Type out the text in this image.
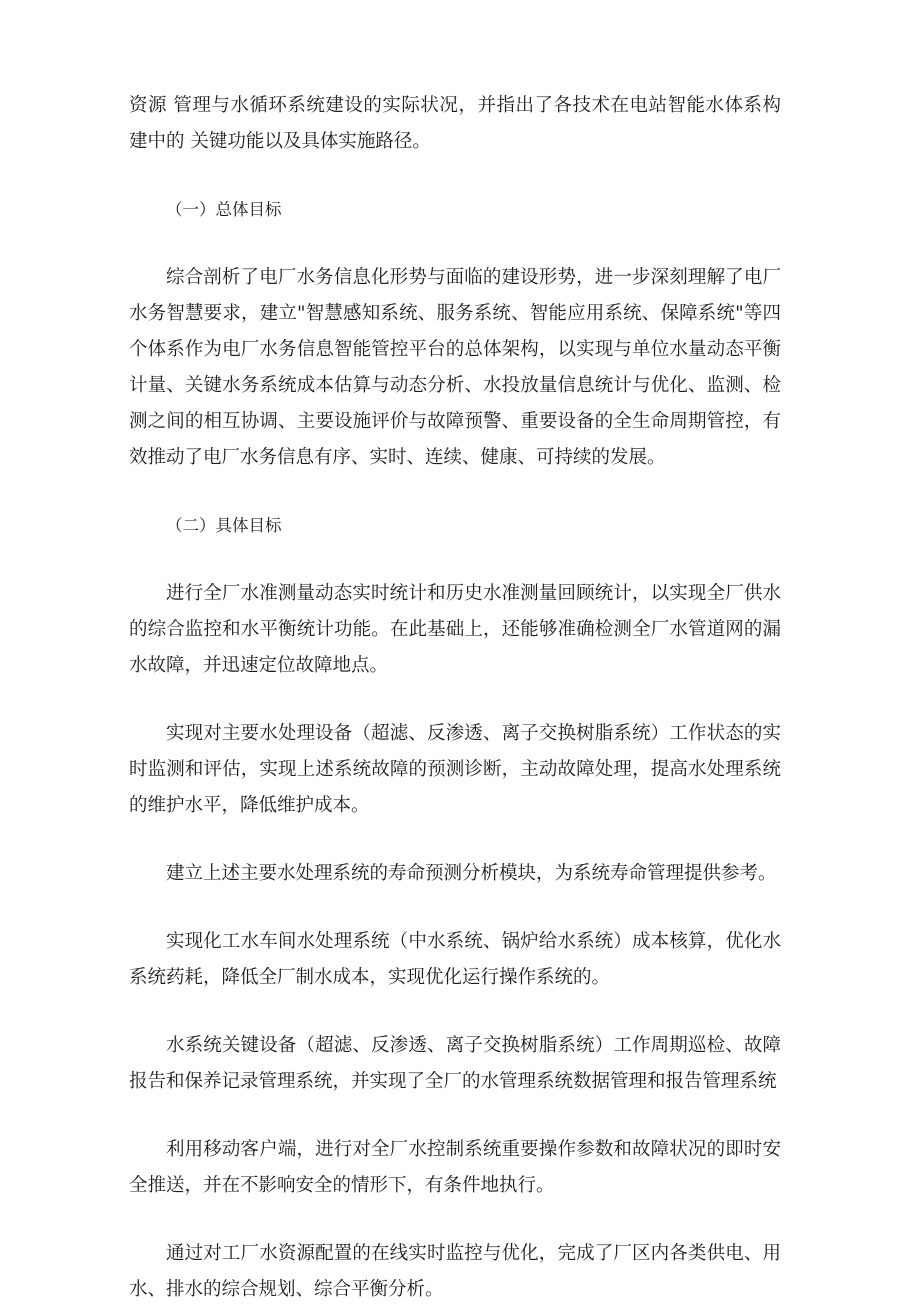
资源 管理与水循环系统建设的实际状况，并指出了各技术在电站智能水体系构建中的 关键功能以及具体实施路径。

（一）总体目标

综合剖析了电厂水务信息化形势与面临的建设形势，进一步深刻理解了电厂水务智慧要求，建立"智慧感知系统、服务系统、智能应用系统、保障系统"等四个体系作为电厂水务信息智能管控平台的总体架构，以实现与单位水量动态平衡计量、关键水务系统成本估算与动态分析、水投放量信息统计与优化、监测、检测之间的相互协调、主要设施评价与故障预警、重要设备的全生命周期管控，有效推动了电厂水务信息有序、实时、连续、健康、可持续的发展。

（二）具体目标

进行全厂水准测量动态实时统计和历史水准测量回顾统计，以实现全厂供水的综合监控和水平衡统计功能。在此基础上，还能够准确检测全厂水管道网的漏水故障，并迅速定位故障地点。

实现对主要水处理设备（超滤、反渗透、离子交换树脂系统）工作状态的实时监测和评估，实现上述系统故障的预测诊断，主动故障处理，提高水处理系统的维护水平，降低维护成本。

建立上述主要水处理系统的寿命预测分析模块，为系统寿命管理提供参考。

实现化工水车间水处理系统（中水系统、锅炉给水系统）成本核算，优化水系统药耗，降低全厂制水成本，实现优化运行操作系统的。

水系统关键设备（超滤、反渗透、离子交换树脂系统）工作周期巡检、故障报告和保养记录管理系统，并实现了全厂的水管理系统数据管理和报告管理系统

利用移动客户端，进行对全厂水控制系统重要操作参数和故障状况的即时安全推送，并在不影响安全的情形下，有条件地执行。

通过对工厂水资源配置的在线实时监控与优化，完成了厂区内各类供电、用水、排水的综合规划、综合平衡分析。
